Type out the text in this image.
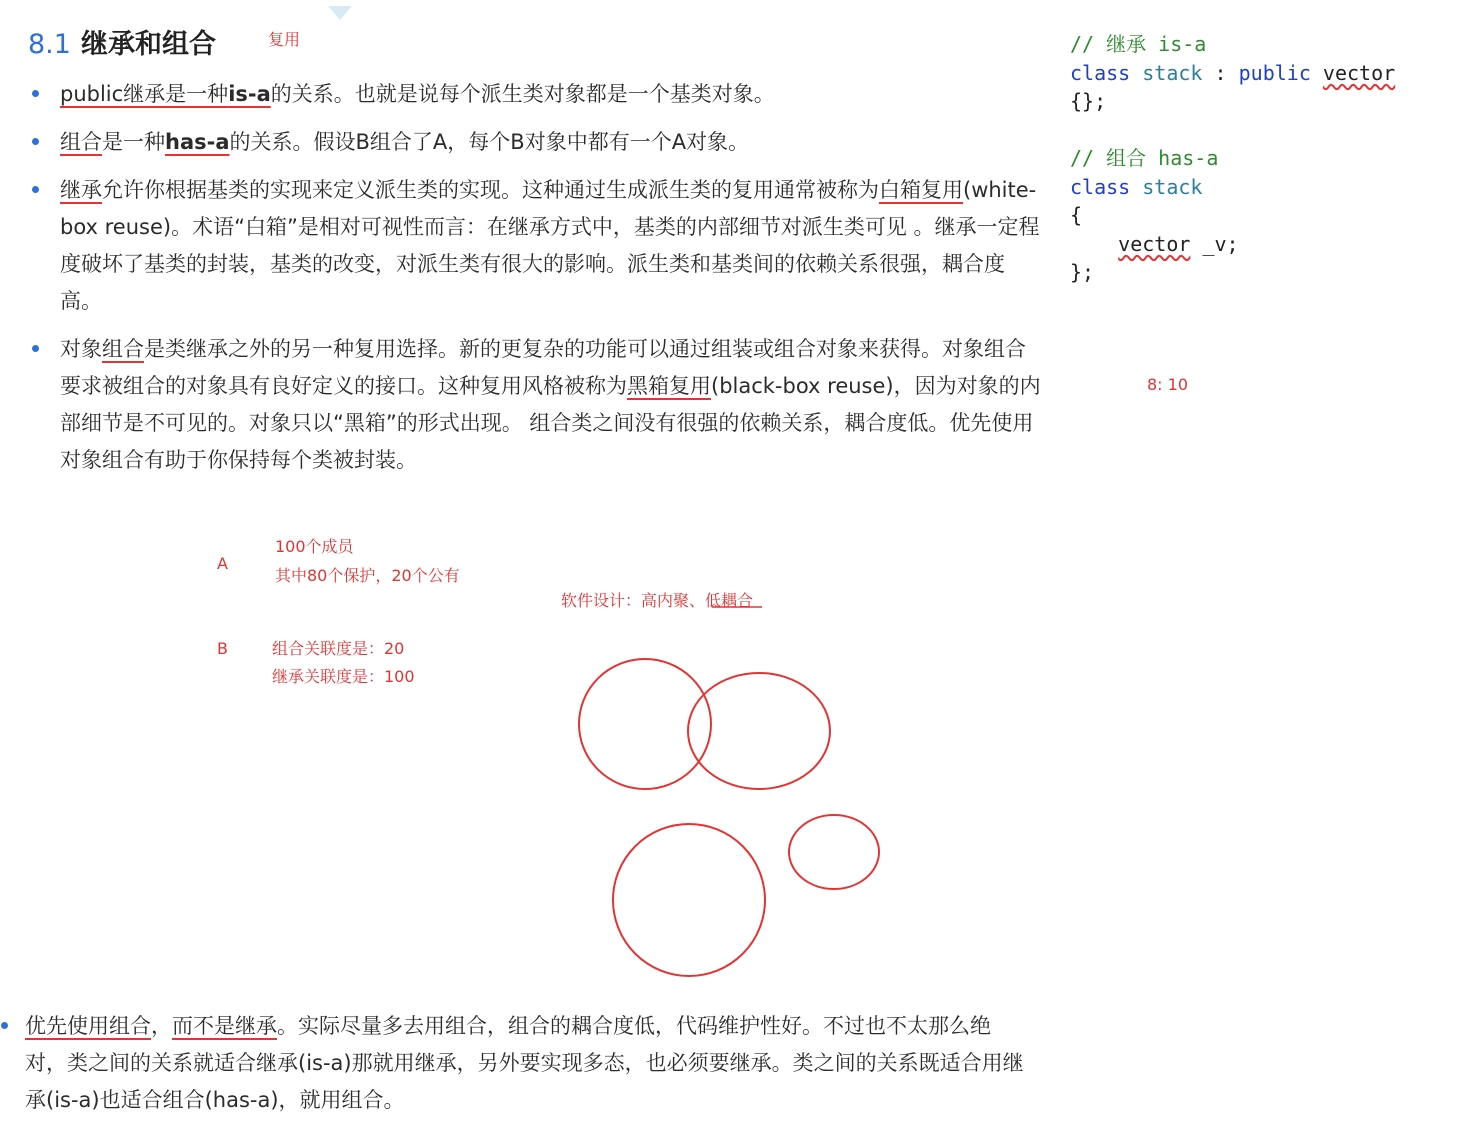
8.1 继承和组合	复用
public继承是一种is-a的关系。也就是说每个派生类对象都是一个基类对象。
组合是一种has-a的关系。假设B组合了A，每个B对象中都有一个A对象。
继承允许你根据基类的实现来定义派生类的实现。这种通过生成派生类的复用通常被称为白箱复用(white-box reuse)。术语“白箱”是相对可视性而言：在继承方式中，基类的内部细节对派生类可见 。继承一定程度破坏了基类的封装，基类的改变，对派生类有很大的影响。派生类和基类间的依赖关系很强，耦合度高。
对象组合是类继承之外的另一种复用选择。新的更复杂的功能可以通过组装或组合对象来获得。对象组合要求被组合的对象具有良好定义的接口。这种复用风格被称为黑箱复用(black-box reuse)，因为对象的内部细节是不可见的。对象只以“黑箱”的形式出现。 组合类之间没有很强的依赖关系，耦合度低。优先使用对象组合有助于你保持每个类被封装。
// 继承 is-a
class stack : public vector
{};

// 组合 has-a
class stack
{
vector _v;
};
8: 10
A
100个成员
其中80个保护，20个公有
软件设计：高内聚、低耦合
B	组合关联度是：20
继承关联度是：100
优先使用组合，而不是继承。实际尽量多去用组合，组合的耦合度低，代码维护性好。不过也不太那么绝对，类之间的关系就适合继承(is-a)那就用继承，另外要实现多态，也必须要继承。类之间的关系既适合用继承(is-a)也适合组合(has-a)，就用组合。
